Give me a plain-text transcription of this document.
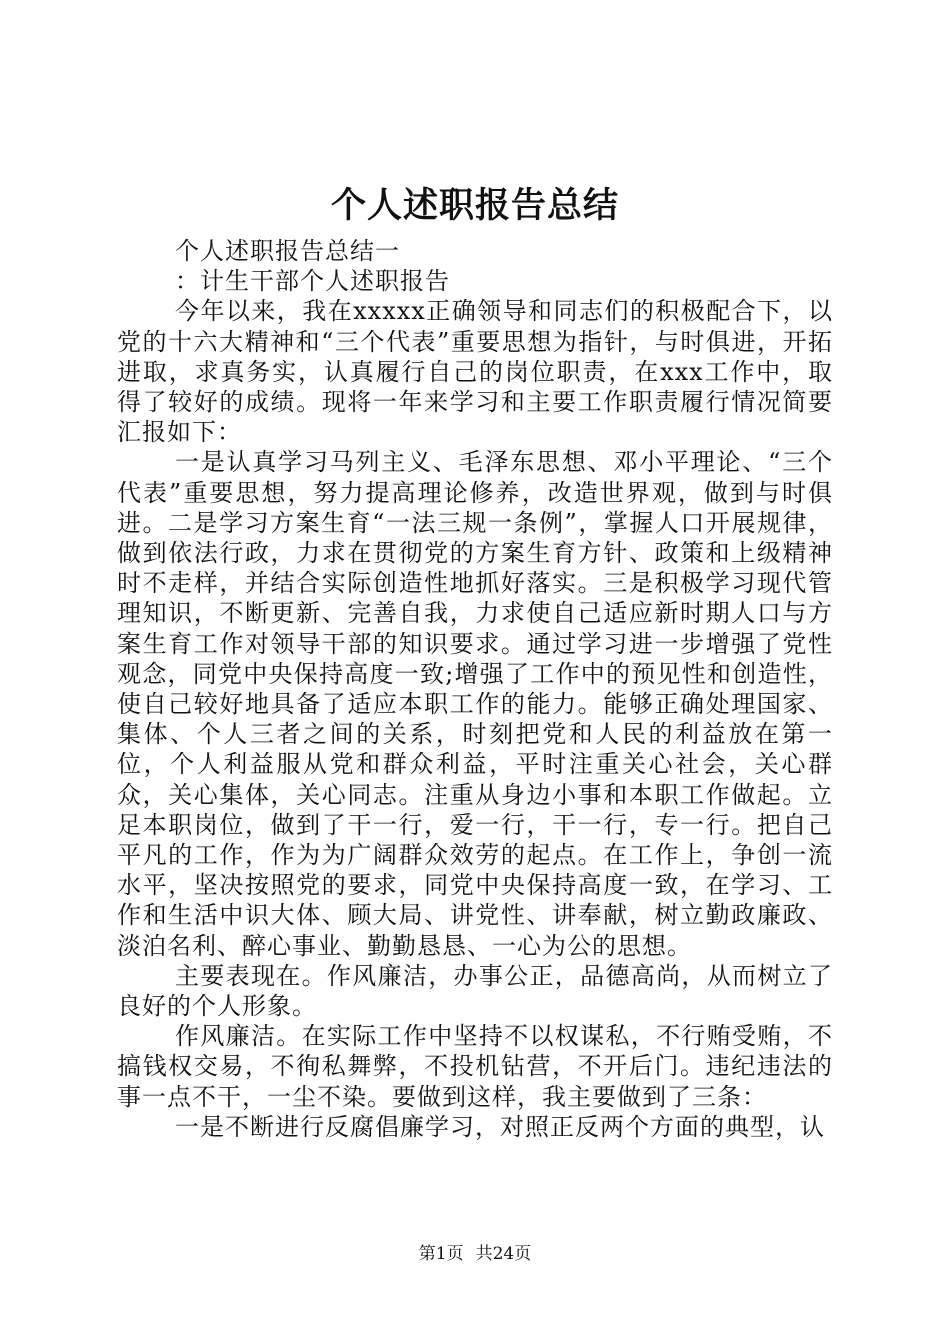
个人述职报告总结

个人述职报告总结一

：计生干部个人述职报告

今年以来，我在xxxxx正确领导和同志们的积极配合下，以党的十六大精神和“三个代表”重要思想为指针，与时俱进，开拓进取，求真务实，认真履行自己的岗位职责，在xxx工作中，取得了较好的成绩。现将一年来学习和主要工作职责履行情况简要汇报如下：

一是认真学习马列主义、毛泽东思想、邓小平理论、“三个代表”重要思想，努力提高理论修养，改造世界观，做到与时俱进。二是学习方案生育“一法三规一条例”，掌握人口开展规律，做到依法行政，力求在贯彻党的方案生育方针、政策和上级精神时不走样，并结合实际创造性地抓好落实。三是积极学习现代管理知识，不断更新、完善自我，力求使自己适应新时期人口与方案生育工作对领导干部的知识要求。通过学习进一步增强了党性观念，同党中央保持高度一致;增强了工作中的预见性和创造性，使自己较好地具备了适应本职工作的能力。能够正确处理国家、集体、个人三者之间的关系，时刻把党和人民的利益放在第一位，个人利益服从党和群众利益，平时注重关心社会，关心群众，关心集体，关心同志。注重从身边小事和本职工作做起。立足本职岗位，做到了干一行，爱一行，干一行，专一行。把自己平凡的工作，作为为广阔群众效劳的起点。在工作上，争创一流水平，坚决按照党的要求，同党中央保持高度一致，在学习、工作和生活中识大体、顾大局、讲党性、讲奉献，树立勤政廉政、淡泊名利、醉心事业、勤勤恳恳、一心为公的思想。

主要表现在。作风廉洁，办事公正，品德高尚，从而树立了良好的个人形象。

作风廉洁。在实际工作中坚持不以权谋私，不行贿受贿，不搞钱权交易，不徇私舞弊，不投机钻营，不开后门。违纪违法的事一点不干，一尘不染。要做到这样，我主要做到了三条：

一是不断进行反腐倡廉学习，对照正反两个方面的典型，认

第1页 共24页
